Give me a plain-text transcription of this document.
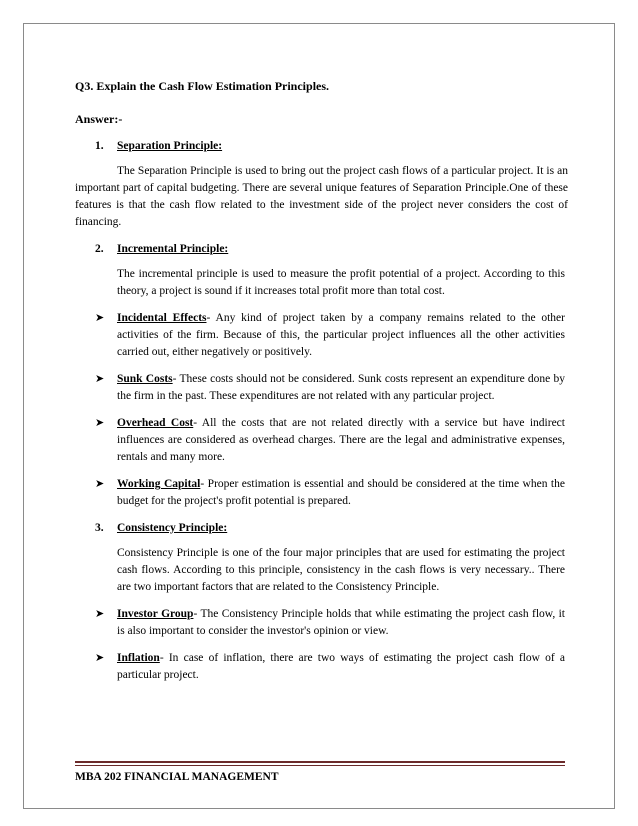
Q3. Explain the Cash Flow Estimation Principles.

Answer:-

1. Separation Principle:

The Separation Principle is used to bring out the project cash flows of a particular project. It is an important part of capital budgeting. There are several unique features of Separation Principle.One of these features is that the cash flow related to the investment side of the project never considers the cost of financing.

2. Incremental Principle:

The incremental principle is used to measure the profit potential of a project. According to this theory, a project is sound if it increases total profit more than total cost.

➤ Incidental Effects- Any kind of project taken by a company remains related to the other activities of the firm. Because of this, the particular project influences all the other activities carried out, either negatively or positively.
➤ Sunk Costs- These costs should not be considered. Sunk costs represent an expenditure done by the firm in the past. These expenditures are not related with any particular project.
➤ Overhead Cost- All the costs that are not related directly with a service but have indirect influences are considered as overhead charges. There are the legal and administrative expenses, rentals and many more.
➤ Working Capital- Proper estimation is essential and should be considered at the time when the budget for the project's profit potential is prepared.

3. Consistency Principle:

Consistency Principle is one of the four major principles that are used for estimating the project cash flows. According to this principle, consistency in the cash flows is very necessary.. There are two important factors that are related to the Consistency Principle.

➤ Investor Group- The Consistency Principle holds that while estimating the project cash flow, it is also important to consider the investor's opinion or view.
➤ Inflation- In case of inflation, there are two ways of estimating the project cash flow of a particular project.
MBA 202 FINANCIAL MANAGEMENT
